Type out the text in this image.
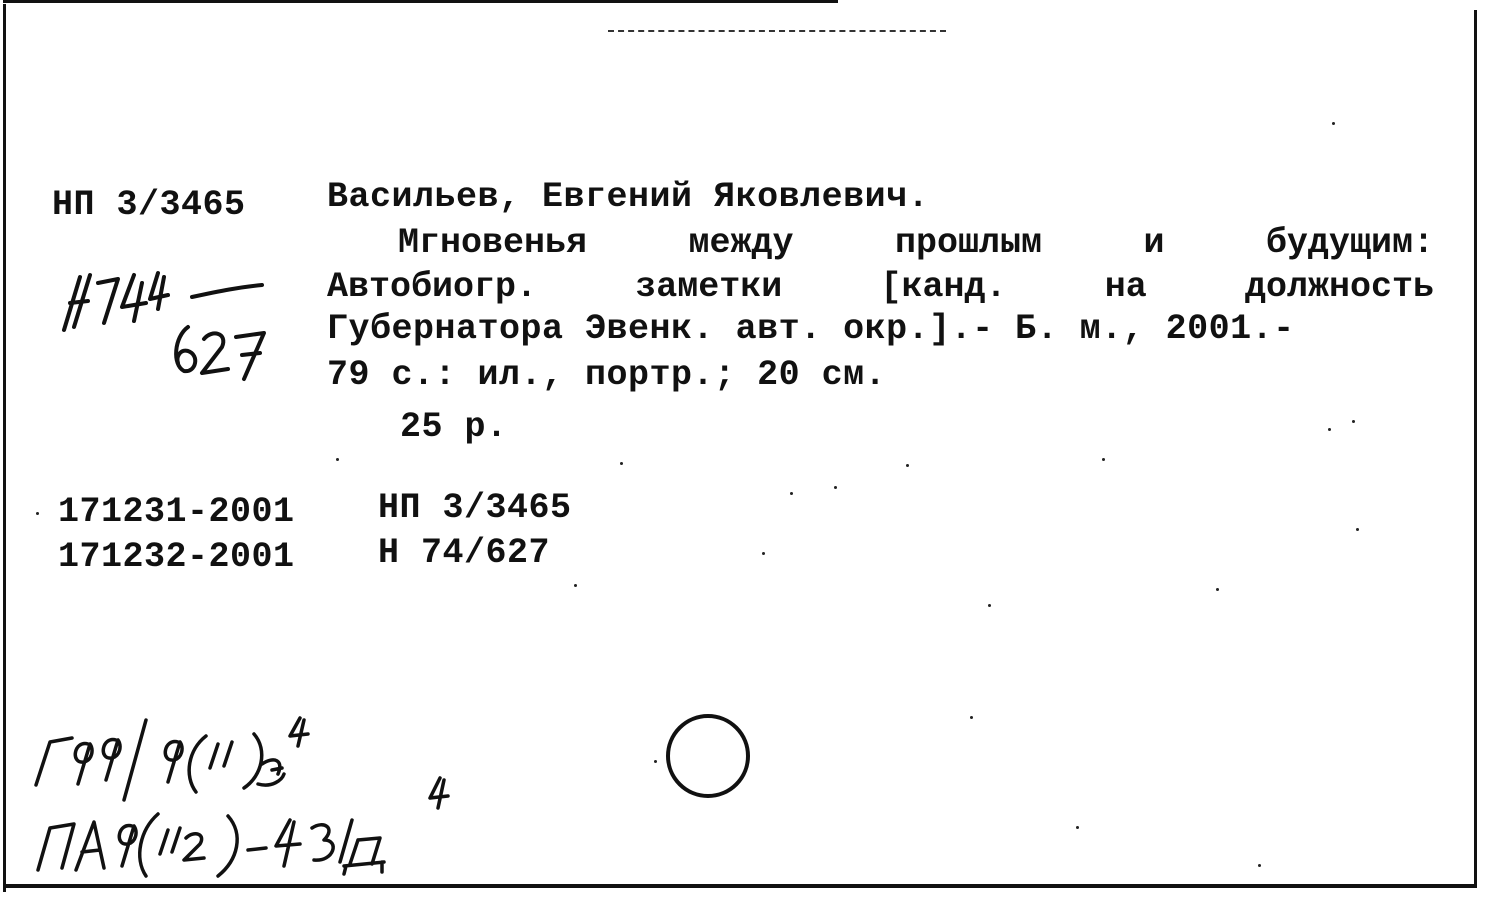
НП 3/3465 Васильев, Евгений Яковлевич.
Мгновенья	между	прошлым	и	будущим:
Автобиогр.	заметки	[канд.	на	должность
Губернатора Эвенк. авт. окр.].- Б. м., 2001.-
79 с.: ил., портр.; 20 см.
25 р.
171231-2001 НП 3/3465
171232-2001 Н 74/627
